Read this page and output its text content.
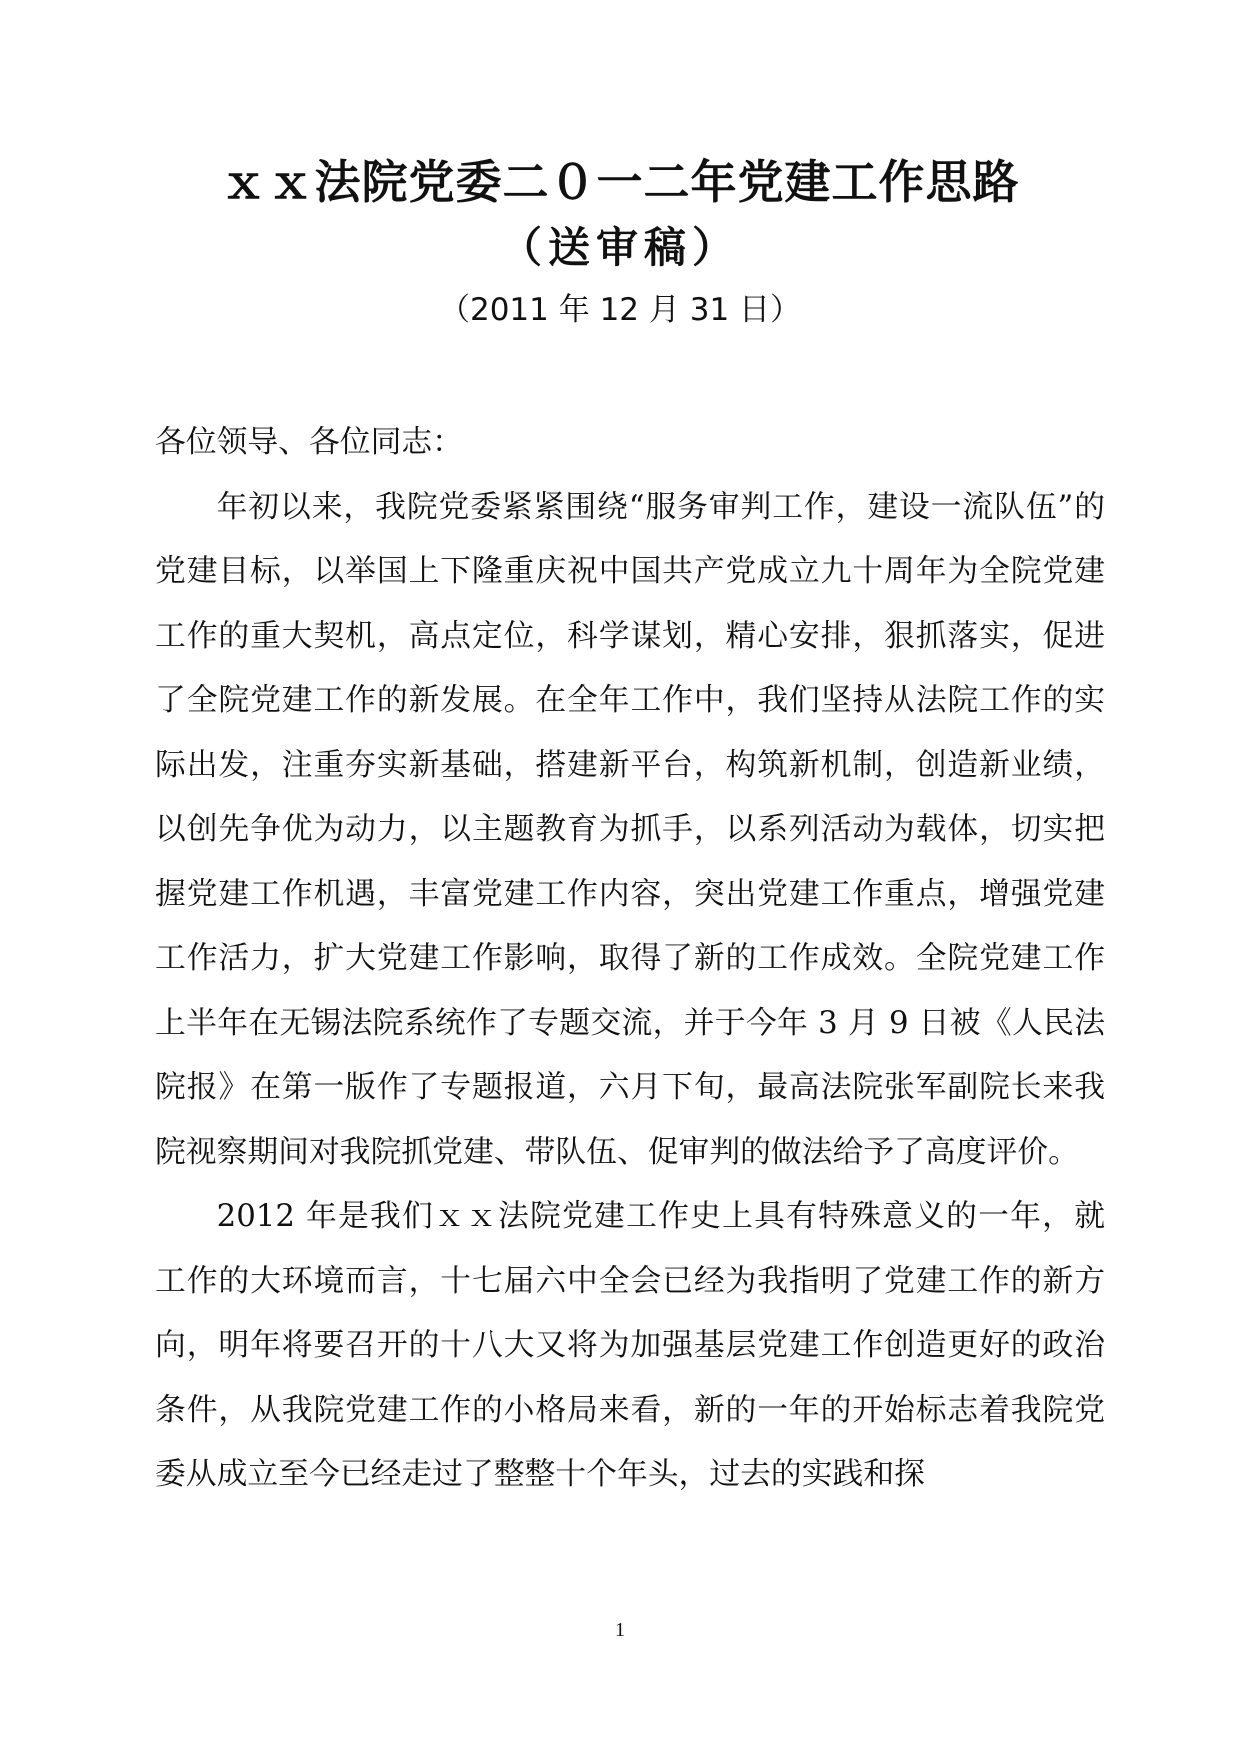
ｘｘ法院党委二０一二年党建工作思路
（送审稿）
（2011 年 12 月 31 日）

各位领导、各位同志：

年初以来，我院党委紧紧围绕“服务审判工作，建设一流队伍”的党建目标，以举国上下隆重庆祝中国共产党成立九十周年为全院党建工作的重大契机，高点定位，科学谋划，精心安排，狠抓落实，促进了全院党建工作的新发展。在全年工作中，我们坚持从法院工作的实际出发，注重夯实新基础，搭建新平台，构筑新机制，创造新业绩，以创先争优为动力，以主题教育为抓手，以系列活动为载体，切实把握党建工作机遇，丰富党建工作内容，突出党建工作重点，增强党建工作活力，扩大党建工作影响，取得了新的工作成效。全院党建工作上半年在无锡法院系统作了专题交流，并于今年 3 月 9 日被《人民法院报》在第一版作了专题报道，六月下旬，最高法院张军副院长来我院视察期间对我院抓党建、带队伍、促审判的做法给予了高度评价。

2012 年是我们ｘｘ法院党建工作史上具有特殊意义的一年，就工作的大环境而言，十七届六中全会已经为我指明了党建工作的新方向，明年将要召开的十八大又将为加强基层党建工作创造更好的政治条件，从我院党建工作的小格局来看，新的一年的开始标志着我院党委从成立至今已经走过了整整十个年头，过去的实践和探

1
